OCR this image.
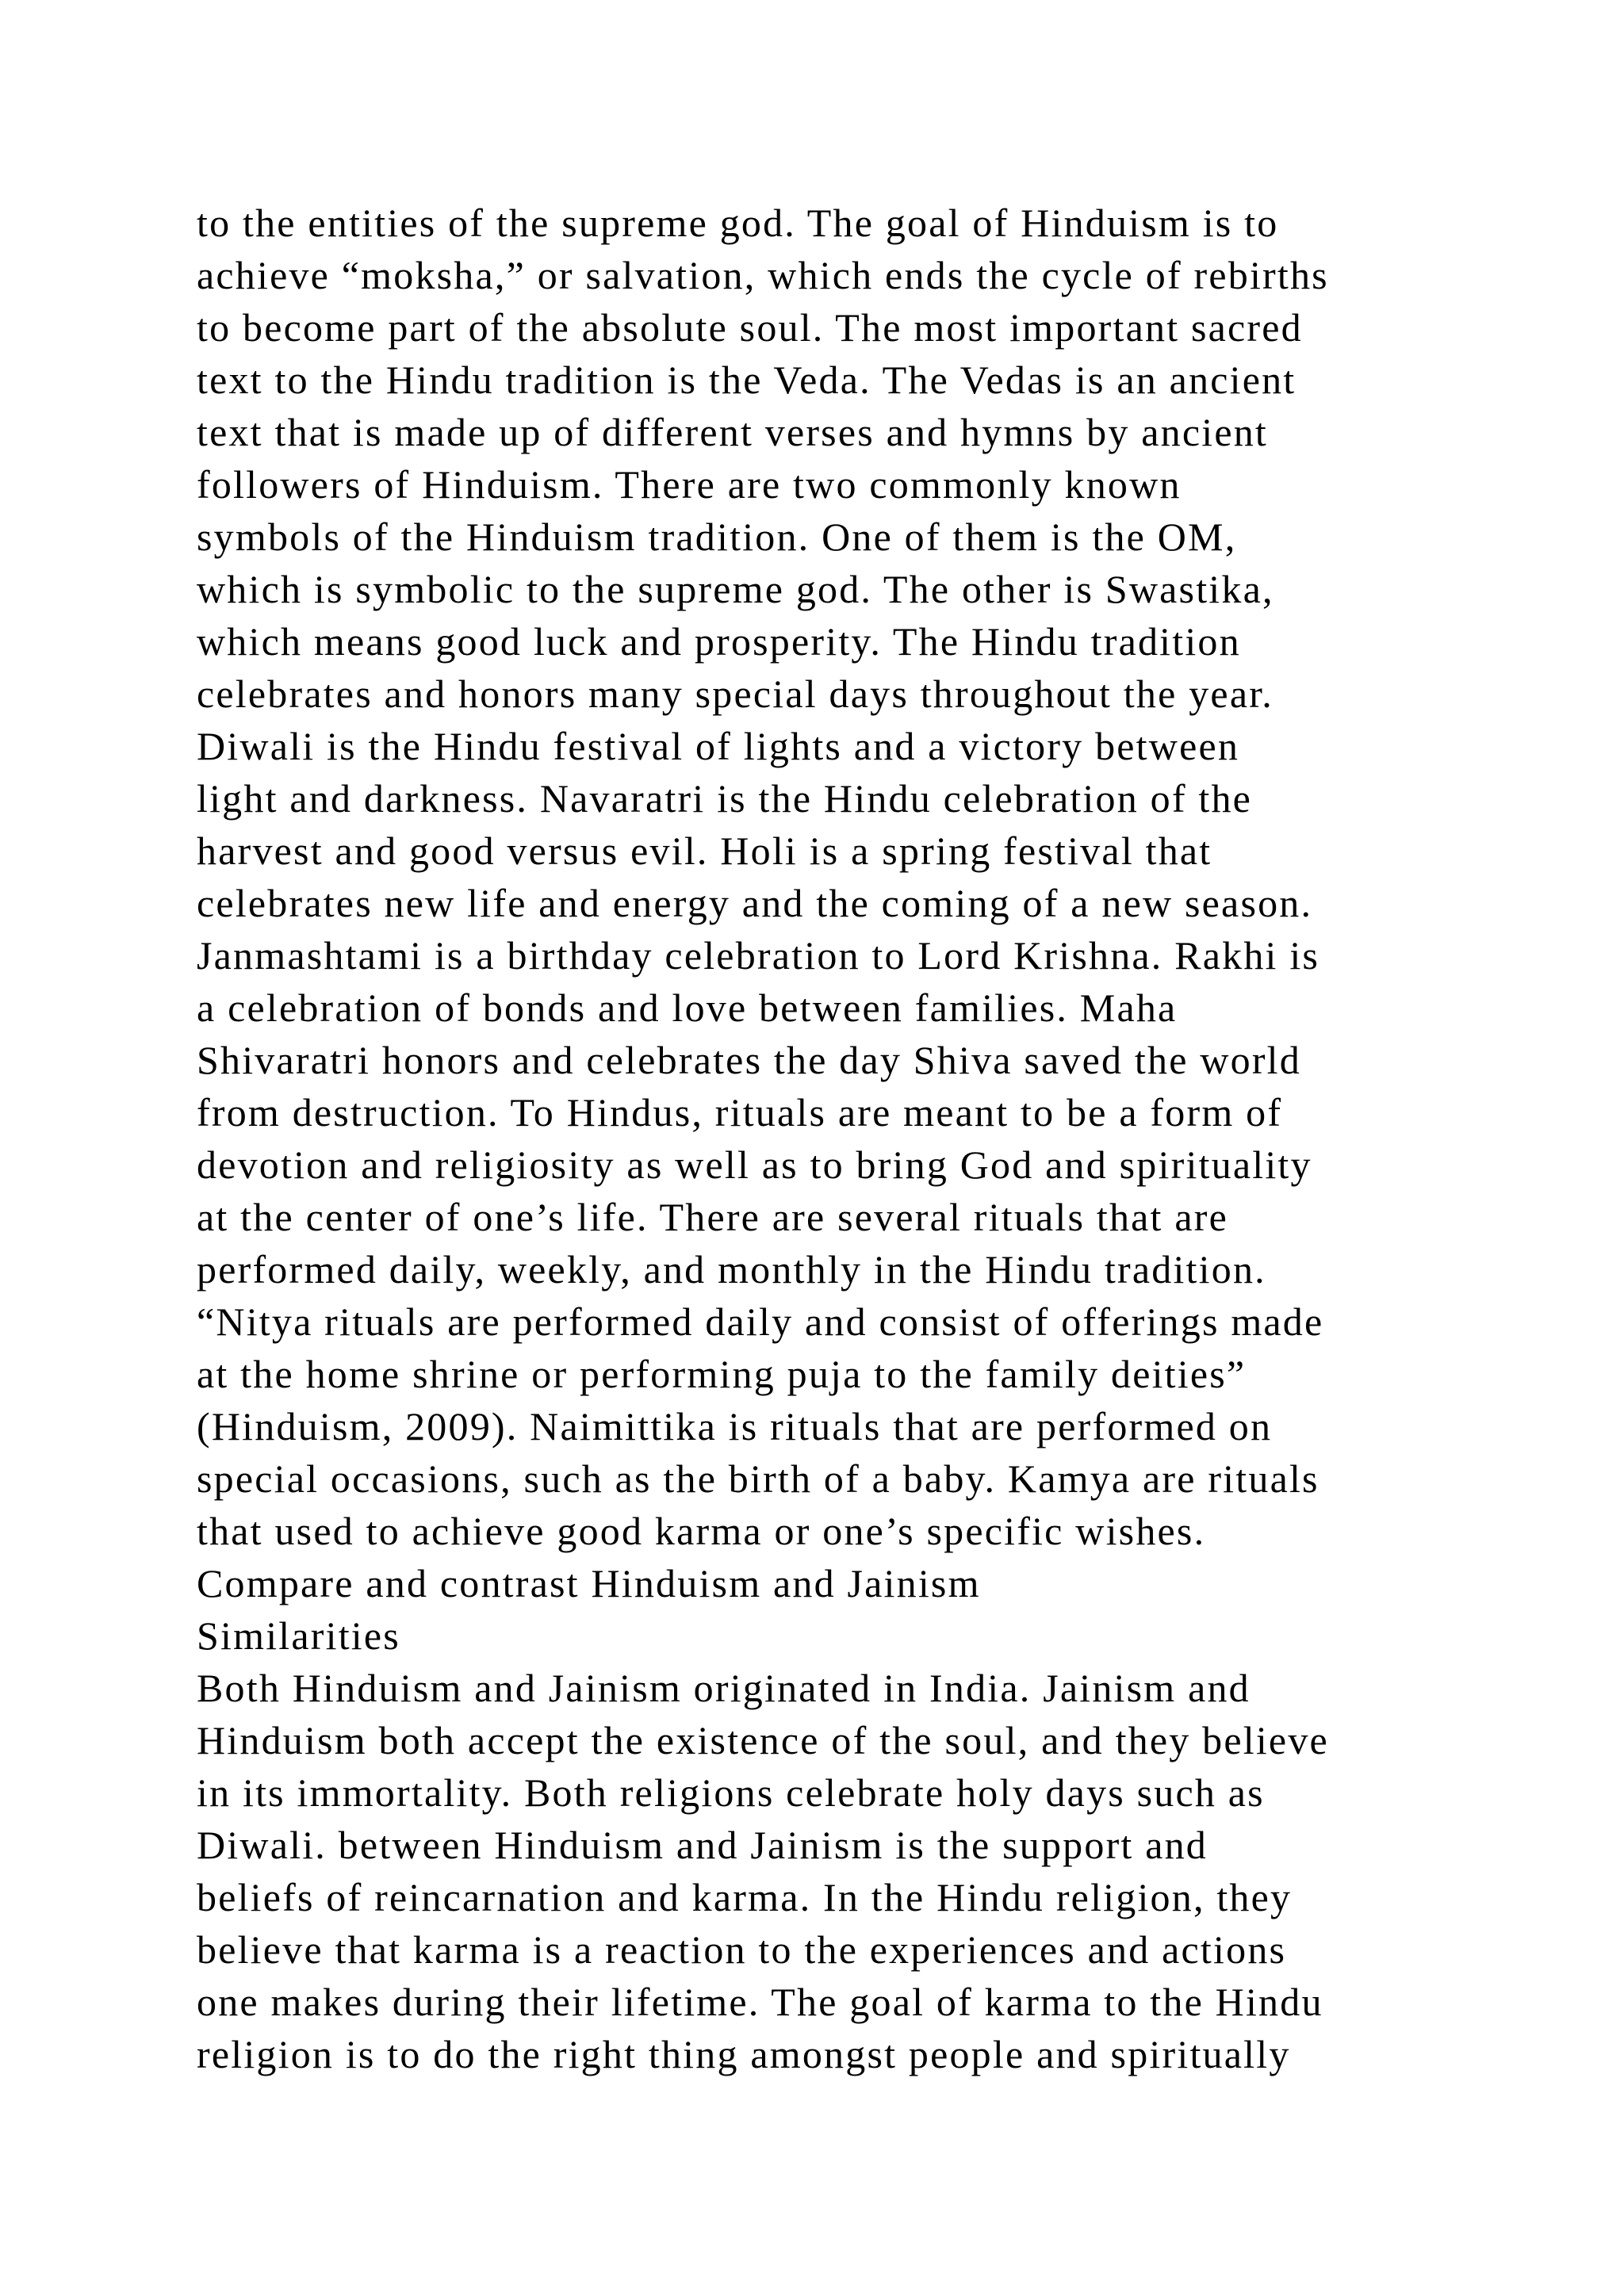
to the entities of the supreme god. The goal of Hinduism is to
achieve “moksha,” or salvation, which ends the cycle of rebirths
to become part of the absolute soul. The most important sacred
text to the Hindu tradition is the Veda. The Vedas is an ancient
text that is made up of different verses and hymns by ancient
followers of Hinduism. There are two commonly known
symbols of the Hinduism tradition. One of them is the OM,
which is symbolic to the supreme god. The other is Swastika,
which means good luck and prosperity. The Hindu tradition
celebrates and honors many special days throughout the year.
Diwali is the Hindu festival of lights and a victory between
light and darkness. Navaratri is the Hindu celebration of the
harvest and good versus evil. Holi is a spring festival that
celebrates new life and energy and the coming of a new season.
Janmashtami is a birthday celebration to Lord Krishna. Rakhi is
a celebration of bonds and love between families. Maha
Shivaratri honors and celebrates the day Shiva saved the world
from destruction. To Hindus, rituals are meant to be a form of
devotion and religiosity as well as to bring God and spirituality
at the center of one’s life. There are several rituals that are
performed daily, weekly, and monthly in the Hindu tradition.
“Nitya rituals are performed daily and consist of offerings made
at the home shrine or performing puja to the family deities”
(Hinduism, 2009). Naimittika is rituals that are performed on
special occasions, such as the birth of a baby. Kamya are rituals
that used to achieve good karma or one’s specific wishes.
Compare and contrast Hinduism and Jainism
Similarities
Both Hinduism and Jainism originated in India. Jainism and
Hinduism both accept the existence of the soul, and they believe
in its immortality. Both religions celebrate holy days such as
Diwali. between Hinduism and Jainism is the support and
beliefs of reincarnation and karma. In the Hindu religion, they
believe that karma is a reaction to the experiences and actions
one makes during their lifetime. The goal of karma to the Hindu
religion is to do the right thing amongst people and spiritually
